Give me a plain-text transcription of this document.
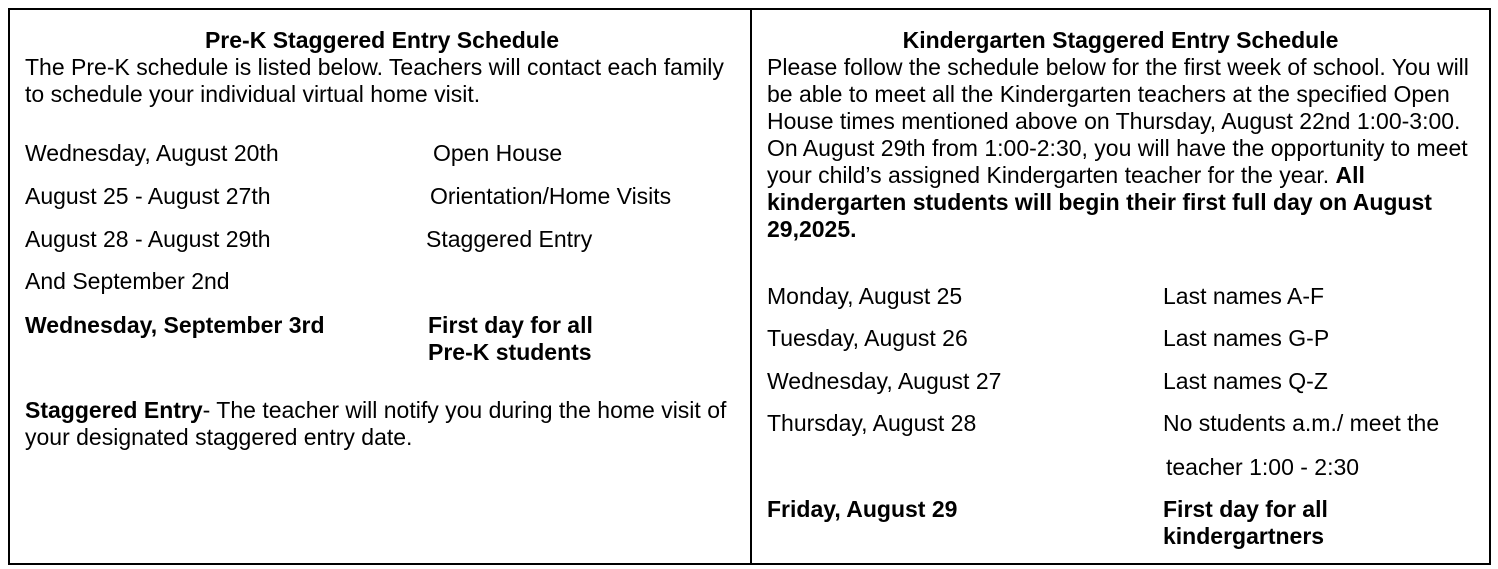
Pre-K Staggered Entry Schedule
The Pre-K schedule is listed below. Teachers will contact each family to schedule your individual virtual home visit.
Wednesday, August 20th	Open House
August 25 - August 27th	Orientation/Home Visits
August 28 - August 29th	Staggered Entry
And September 2nd
Wednesday, September 3rd	First day for all
Pre-K students
Staggered Entry- The teacher will notify you during the home visit of your designated staggered entry date.
Kindergarten Staggered Entry Schedule
Please follow the schedule below for the first week of school. You will be able to meet all the Kindergarten teachers at the specified Open House times mentioned above on Thursday, August 22nd 1:00-3:00. On August 29th from 1:00-2:30, you will have the opportunity to meet your child’s assigned Kindergarten teacher for the year. All kindergarten students will begin their first full day on August 29,2025.
Monday, August 25	Last names A-F
Tuesday, August 26	Last names G-P
Wednesday, August 27	Last names Q-Z
Thursday, August 28	No students a.m./ meet the
teacher 1:00 - 2:30
Friday, August 29	First day for all
kindergartners
